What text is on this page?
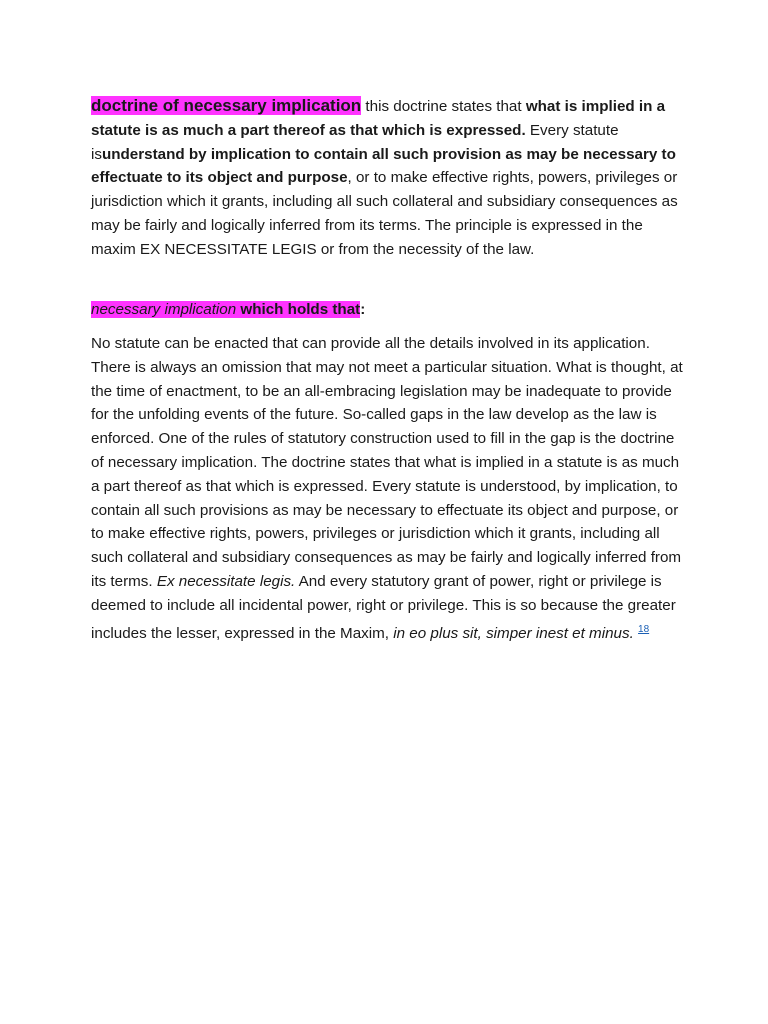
doctrine of necessary implication this doctrine states that what is implied in a statute is as much a part thereof as that which is expressed. Every statute isunderstand by implication to contain all such provision as may be necessary to effectuate to its object and purpose, or to make effective rights, powers, privileges or jurisdiction which it grants, including all such collateral and subsidiary consequences as may be fairly and logically inferred from its terms. The principle is expressed in the maxim EX NECESSITATE LEGIS or from the necessity of the law.

necessary implication which holds that:

No statute can be enacted that can provide all the details involved in its application. There is always an omission that may not meet a particular situation. What is thought, at the time of enactment, to be an all-embracing legislation may be inadequate to provide for the unfolding events of the future. So-called gaps in the law develop as the law is enforced. One of the rules of statutory construction used to fill in the gap is the doctrine of necessary implication. The doctrine states that what is implied in a statute is as much a part thereof as that which is expressed. Every statute is understood, by implication, to contain all such provisions as may be necessary to effectuate its object and purpose, or to make effective rights, powers, privileges or jurisdiction which it grants, including all such collateral and subsidiary consequences as may be fairly and logically inferred from its terms. Ex necessitate legis. And every statutory grant of power, right or privilege is deemed to include all incidental power, right or privilege. This is so because the greater includes the lesser, expressed in the Maxim, in eo plus sit, simper inest et minus. $^{18}$
